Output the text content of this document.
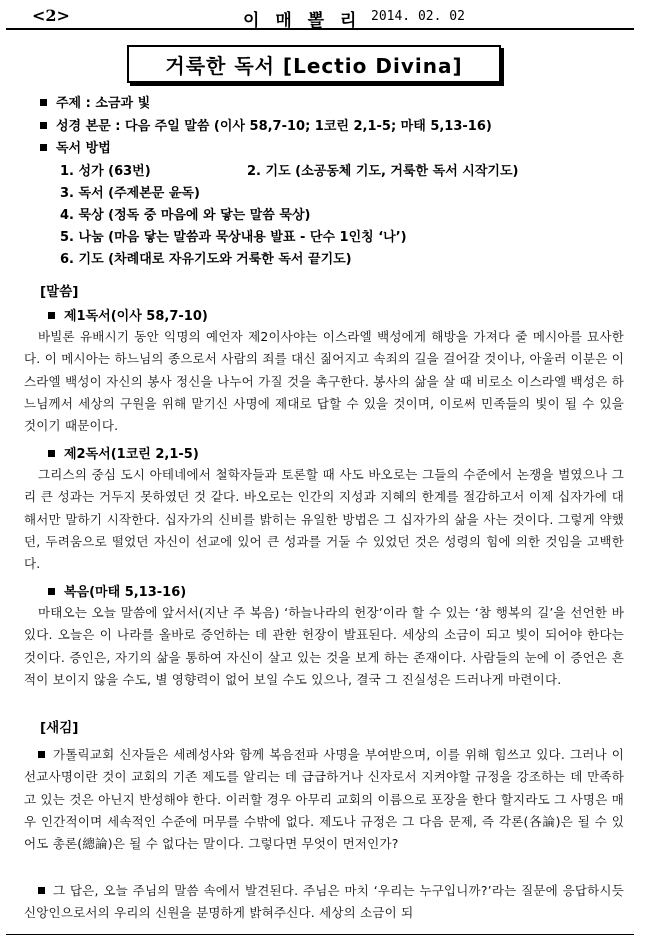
<2>	이 매 뽈 리 2014. 02. 02
거룩한 독서 [Lectio Divina]
주제 : 소금과 빛
성경 본문 : 다음 주일 말씀 (이사 58,7-10; 1코린 2,1-5; 마태 5,13-16)
독서 방법
1. 성가 (63번)	2. 기도 (소공동체 기도, 거룩한 독서 시작기도)
3. 독서 (주제본문 윤독)
4. 묵상 (정독 중 마음에 와 닿는 말씀 묵상)
5. 나눔 (마음 닿는 말씀과 묵상내용 발표 - 단수 1인칭 ‘나’)
6. 기도 (차례대로 자유기도와 거룩한 독서 끝기도)
[말씀]
제1독서(이사 58,7-10)
바빌론 유배시기 동안 익명의 예언자 제2이사야는 이스라엘 백성에게 해방을 가져다 줄 메시아를 묘사한다. 이 메시아는 하느님의 종으로서 사람의 죄를 대신 짊어지고 속죄의 길을 걸어갈 것이나, 아울러 이분은 이스라엘 백성이 자신의 봉사 정신을 나누어 가질 것을 촉구한다. 봉사의 삶을 살 때 비로소 이스라엘 백성은 하느님께서 세상의 구원을 위해 맡기신 사명에 제대로 답할 수 있을 것이며, 이로써 민족들의 빛이 될 수 있을 것이기 때문이다.
제2독서(1코린 2,1-5)
그리스의 중심 도시 아테네에서 철학자들과 토론할 때 사도 바오로는 그들의 수준에서 논쟁을 벌였으나 그리 큰 성과는 거두지 못하였던 것 같다. 바오로는 인간의 지성과 지혜의 한계를 절감하고서 이제 십자가에 대해서만 말하기 시작한다. 십자가의 신비를 밝히는 유일한 방법은 그 십자가의 삶을 사는 것이다. 그렇게 약했던, 두려움으로 떨었던 자신이 선교에 있어 큰 성과를 거둘 수 있었던 것은 성령의 힘에 의한 것임을 고백한다.
복음(마태 5,13-16)
마태오는 오늘 말씀에 앞서서(지난 주 복음) ‘하늘나라의 헌장’이라 할 수 있는 ‘참 행복의 길’을 선언한 바 있다. 오늘은 이 나라를 올바로 증언하는 데 관한 헌장이 발표된다. 세상의 소금이 되고 빛이 되어야 한다는 것이다. 증인은, 자기의 삶을 통하여 자신이 살고 있는 것을 보게 하는 존재이다. 사람들의 눈에 이 증언은 흔적이 보이지 않을 수도, 별 영향력이 없어 보일 수도 있으나, 결국 그 진실성은 드러나게 마련이다.
[새김]
가톨릭교회 신자들은 세례성사와 함께 복음전파 사명을 부여받으며, 이를 위해 힘쓰고 있다. 그러나 이 선교사명이란 것이 교회의 기존 제도를 알리는 데 급급하거나 신자로서 지켜야할 규정을 강조하는 데 만족하고 있는 것은 아닌지 반성해야 한다. 이러할 경우 아무리 교회의 이름으로 포장을 한다 할지라도 그 사명은 매우 인간적이며 세속적인 수준에 머무를 수밖에 없다. 제도나 규정은 그 다음 문제, 즉 각론(各論)은 될 수 있어도 총론(總論)은 될 수 없다는 말이다. 그렇다면 무엇이 먼저인가?
그 답은, 오늘 주님의 말씀 속에서 발견된다. 주님은 마치 ‘우리는 누구입니까?’라는 질문에 응답하시듯 신앙인으로서의 우리의 신원을 분명하게 밝혀주신다. 세상의 소금이 되
